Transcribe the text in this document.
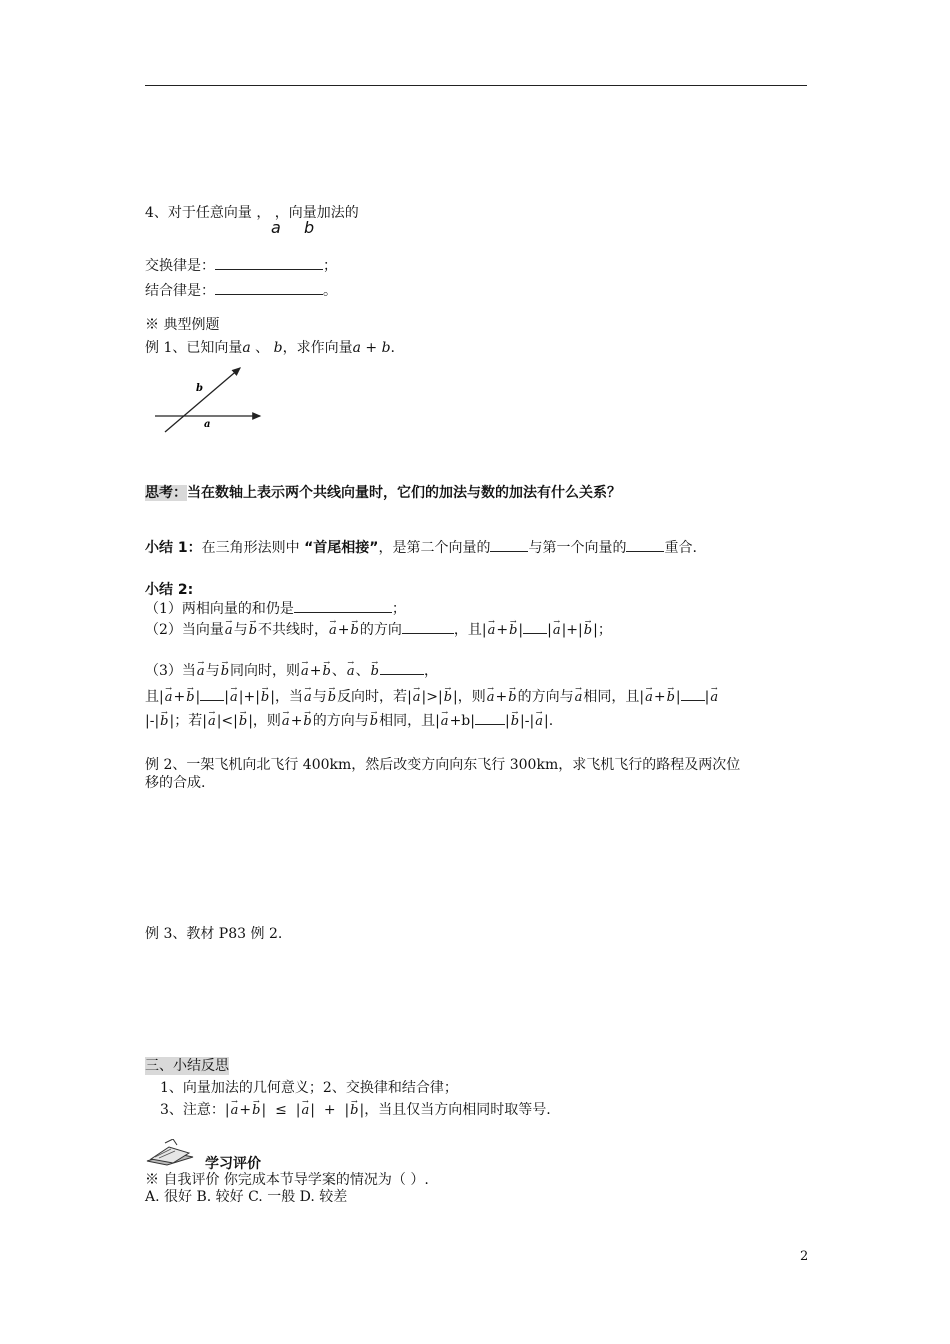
4、对于任意向量 ， ，向量加法的
a b
交换律是：	；
结合律是：	。
※ 典型例题
例 1、已知向量a 、 b，求作向量a + b.
a
b
思考：当在数轴上表示两个共线向量时，它们的加法与数的加法有什么关系？
小结 1：在三角形法则中 “首尾相接”，是第二个向量的	与第一个向量的	重合.
小结 2:
（1）两相向量的和仍是	；
（2）当向量→ a与→ b不共线时，→ a+→ b的方向	，且|→ a+→ b| |→ a|+|→ b|；
（3）当→ a与→ b同向时，则→ a+→ b、→ a、→ b	，
且|→ a+→ b| |→ a|+|→ b|，当→ a与→ b反向时，若|→ a|>|→ b|，则→ a+→ b的方向与→ a相同，且|→ a+→ b| |→ a
|-|→ b|；若|→ a|<|→ b|，则→ a+→ b的方向与→ b相同，且|→ a+b| |→ b|-|→ a|.
例 2、一架飞机向北飞行 400km，然后改变方向向东飞行 300km，求飞机飞行的路程及两次位
移的合成.
例 3、教材 P83 例 2.
三、小结反思
1、向量加法的几何意义；2、交换律和结合律；
3、注意：|→ a+→ b|  ≤  |→ a|  +  |→ b|，当且仅当方向相同时取等号.
学习评价
※ 自我评价 你完成本节导学案的情况为（ ）.
A. 很好 B. 较好 C. 一般 D. 较差
2
